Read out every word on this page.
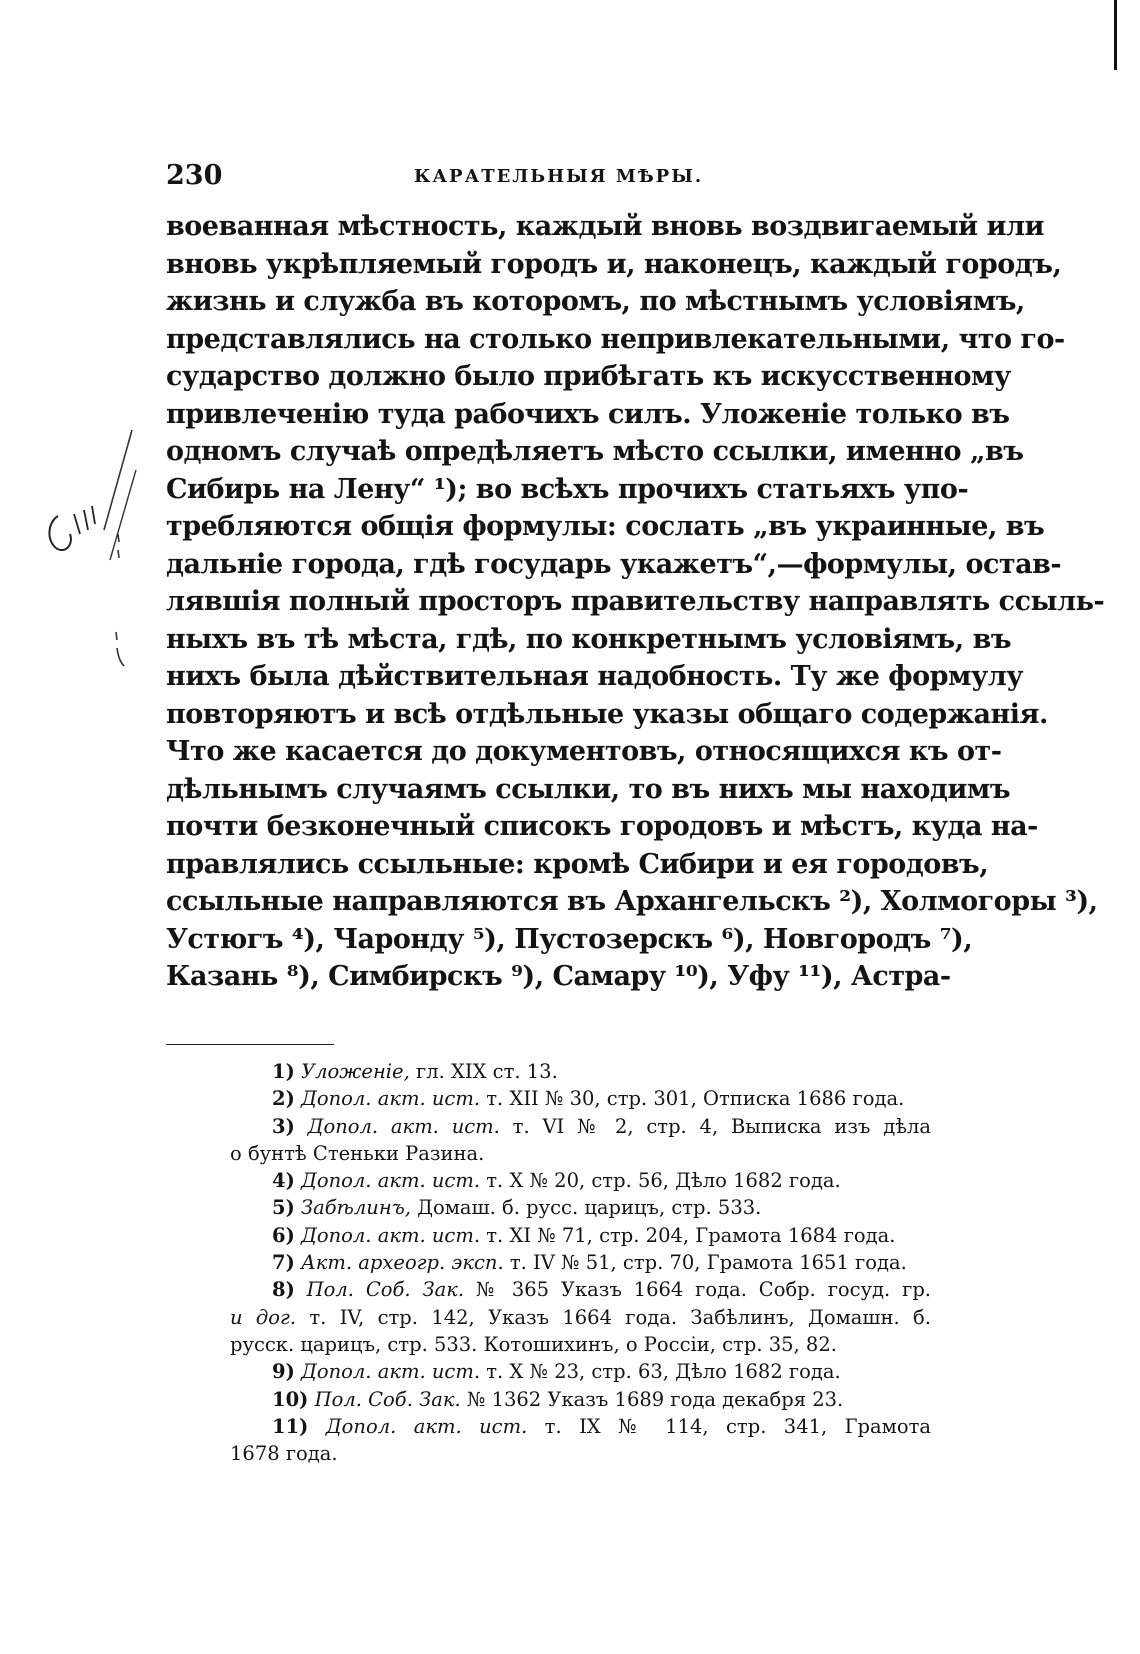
230	КАРАТЕЛЬНЫЯ МѢРЫ.
воеванная мѣстность, каждый вновь воздвигаемый или
вновь укрѣпляемый городъ и, наконецъ, каждый городъ,
жизнь и служба въ которомъ, по мѣстнымъ условіямъ,
представлялись на столько непривлекательными, что го-
сударство должно было прибѣгать къ искусственному
привлеченію туда рабочихъ силъ. Уложеніе только въ
одномъ случаѣ опредѣляетъ мѣсто ссылки, именно „въ
Сибирь на Лену“ ¹); во всѣхъ прочихъ статьяхъ упо-
требляются общія формулы: сослать „въ украинные, въ
дальніе города, гдѣ государь укажетъ“,—формулы, остав-
лявшія полный просторъ правительству направлять ссыль-
ныхъ въ тѣ мѣста, гдѣ, по конкретнымъ условіямъ, въ
нихъ была дѣйствительная надобность. Ту же формулу
повторяютъ и всѣ отдѣльные указы общаго содержанія.
Что же касается до документовъ, относящихся къ от-
дѣльнымъ случаямъ ссылки, то въ нихъ мы находимъ
почти безконечный списокъ городовъ и мѣстъ, куда на-
правлялись ссыльные: кромѣ Сибири и ея городовъ,
ссыльные направляются въ Архангельскъ ²), Холмогоры ³),
Устюгъ ⁴), Чаронду ⁵), Пустозерскъ ⁶), Новгородъ ⁷),
Казань ⁸), Симбирскъ ⁹), Самару ¹⁰), Уфу ¹¹), Астра-
1) Уложеніе, гл. XIX ст. 13.
2) Допол. акт. ист. т. XII № 30, стр. 301, Отписка 1686 года.
3) Допол. акт. ист. т. VI № 2, стр. 4, Выписка изъ дѣла
о бунтѣ Стеньки Разина.
4) Допол. акт. ист. т. X № 20, стр. 56, Дѣло 1682 года.
5) Забѣлинъ, Домаш. б. русс. царицъ, стр. 533.
6) Допол. акт. ист. т. XI № 71, стр. 204, Грамота 1684 года.
7) Акт. археогр. эксп. т. IV № 51, стр. 70, Грамота 1651 года.
8) Пол. Соб. Зак. № 365 Указъ 1664 года. Собр. госуд. гр.
и дог. т. IV, стр. 142, Указъ 1664 года. Забѣлинъ, Домашн. б.
русск. царицъ, стр. 533. Котошихинъ, о Россіи, стр. 35, 82.
9) Допол. акт. ист. т. X № 23, стр. 63, Дѣло 1682 года.
10) Пол. Соб. Зак. № 1362 Указъ 1689 года декабря 23.
11) Допол. акт. ист. т. IX № 114, стр. 341, Грамота
1678 года.
